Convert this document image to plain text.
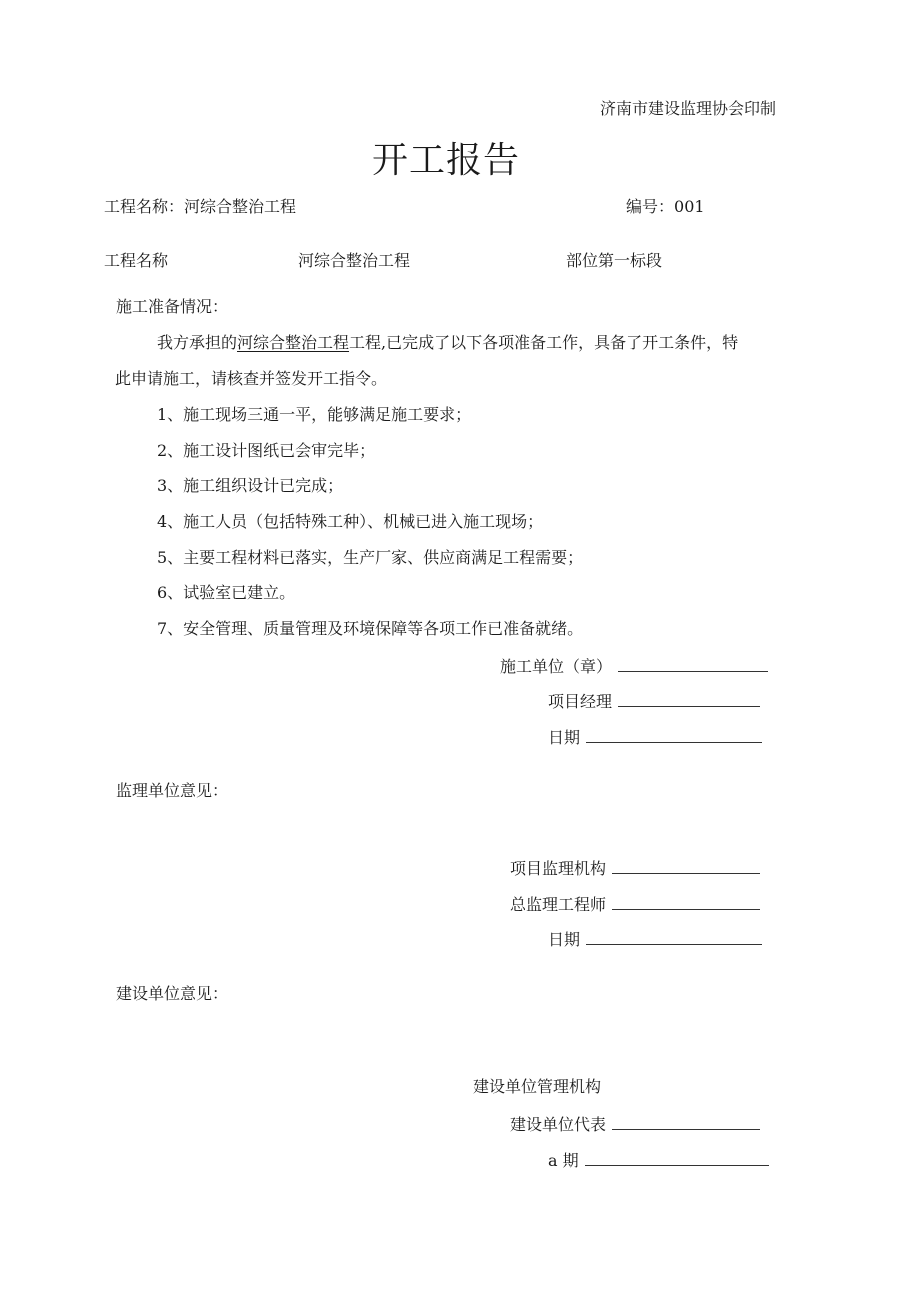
济南市建设监理协会印制
开工报告
工程名称：河综合整治工程	编号：001
工程名称	河综合整治工程	部位第一标段
施工准备情况：
我方承担的河综合整治工程工程,已完成了以下各项准备工作，具备了开工条件，特
此申请施工，请核查并签发开工指令。
1、施工现场三通一平，能够满足施工要求；
2、施工设计图纸已会审完毕；
3、施工组织设计已完成；
4、施工人员（包括特殊工种）、机械已进入施工现场；
5、主要工程材料已落实，生产厂家、供应商满足工程需要；
6、试验室已建立。
7、安全管理、质量管理及环境保障等各项工作已准备就绪。
施工单位（章）
项目经理
日期
监理单位意见：
项目监理机构
总监理工程师
日期
建设单位意见：
建设单位管理机构
建设单位代表
a 期
